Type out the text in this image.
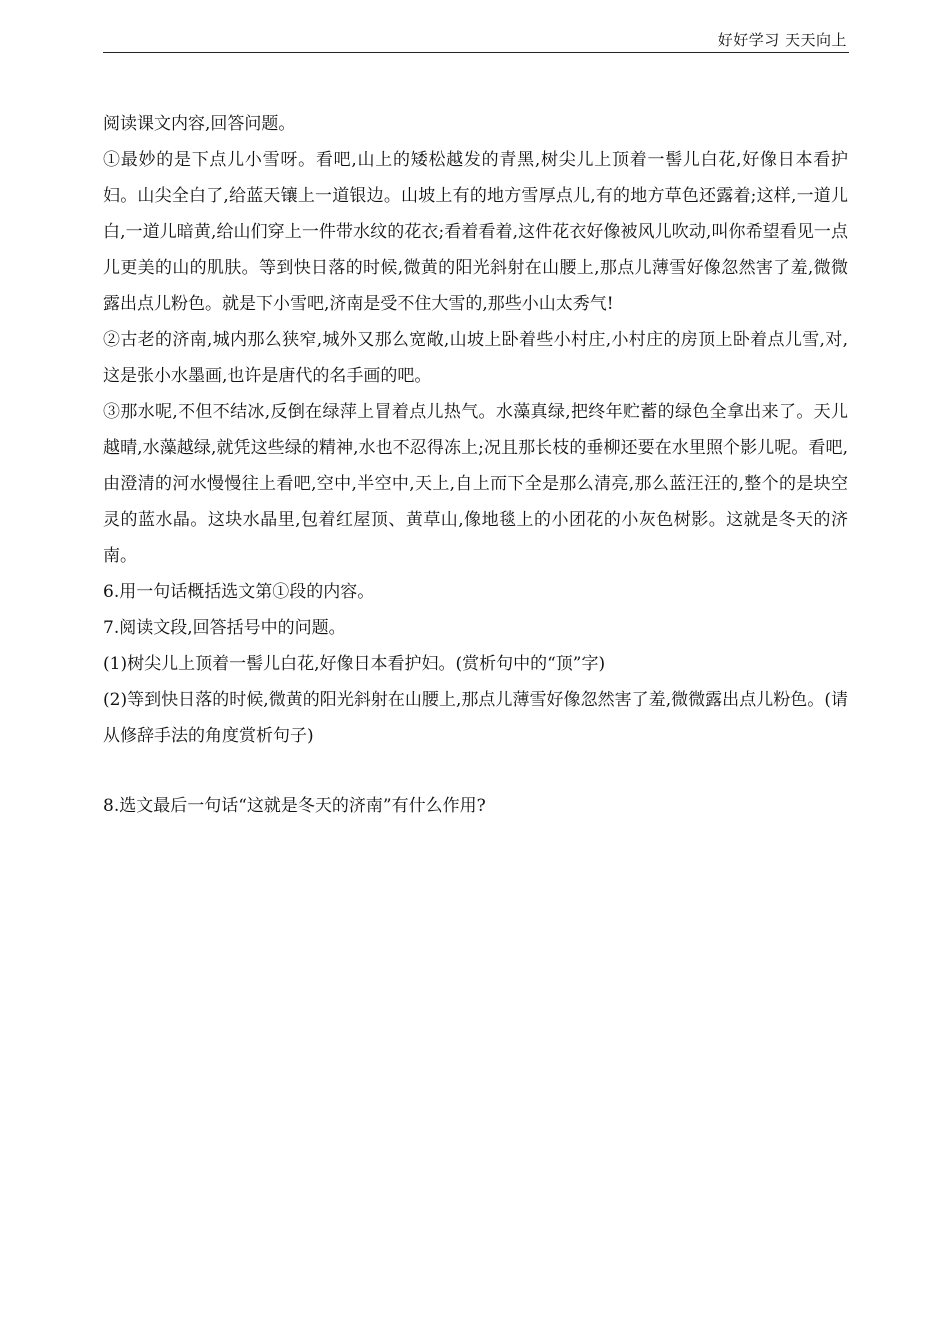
好好学习 天天向上

阅读课文内容,回答问题。

①最妙的是下点儿小雪呀。看吧,山上的矮松越发的青黑,树尖儿上顶着一髻儿白花,好像日本看护妇。山尖全白了,给蓝天镶上一道银边。山坡上有的地方雪厚点儿,有的地方草色还露着;这样,一道儿白,一道儿暗黄,给山们穿上一件带水纹的花衣;看着看着,这件花衣好像被风儿吹动,叫你希望看见一点儿更美的山的肌肤。等到快日落的时候,微黄的阳光斜射在山腰上,那点儿薄雪好像忽然害了羞,微微露出点儿粉色。就是下小雪吧,济南是受不住大雪的,那些小山太秀气!

②古老的济南,城内那么狭窄,城外又那么宽敞,山坡上卧着些小村庄,小村庄的房顶上卧着点儿雪,对,这是张小水墨画,也许是唐代的名手画的吧。

③那水呢,不但不结冰,反倒在绿萍上冒着点儿热气。水藻真绿,把终年贮蓄的绿色全拿出来了。天儿越晴,水藻越绿,就凭这些绿的精神,水也不忍得冻上;况且那长枝的垂柳还要在水里照个影儿呢。看吧,由澄清的河水慢慢往上看吧,空中,半空中,天上,自上而下全是那么清亮,那么蓝汪汪的,整个的是块空灵的蓝水晶。这块水晶里,包着红屋顶、黄草山,像地毯上的小团花的小灰色树影。这就是冬天的济南。

6.用一句话概括选文第①段的内容。

7.阅读文段,回答括号中的问题。

(1)树尖儿上顶着一髻儿白花,好像日本看护妇。(赏析句中的“顶”字)

(2)等到快日落的时候,微黄的阳光斜射在山腰上,那点儿薄雪好像忽然害了羞,微微露出点儿粉色。(请从修辞手法的角度赏析句子)

8.选文最后一句话“这就是冬天的济南”有什么作用?
